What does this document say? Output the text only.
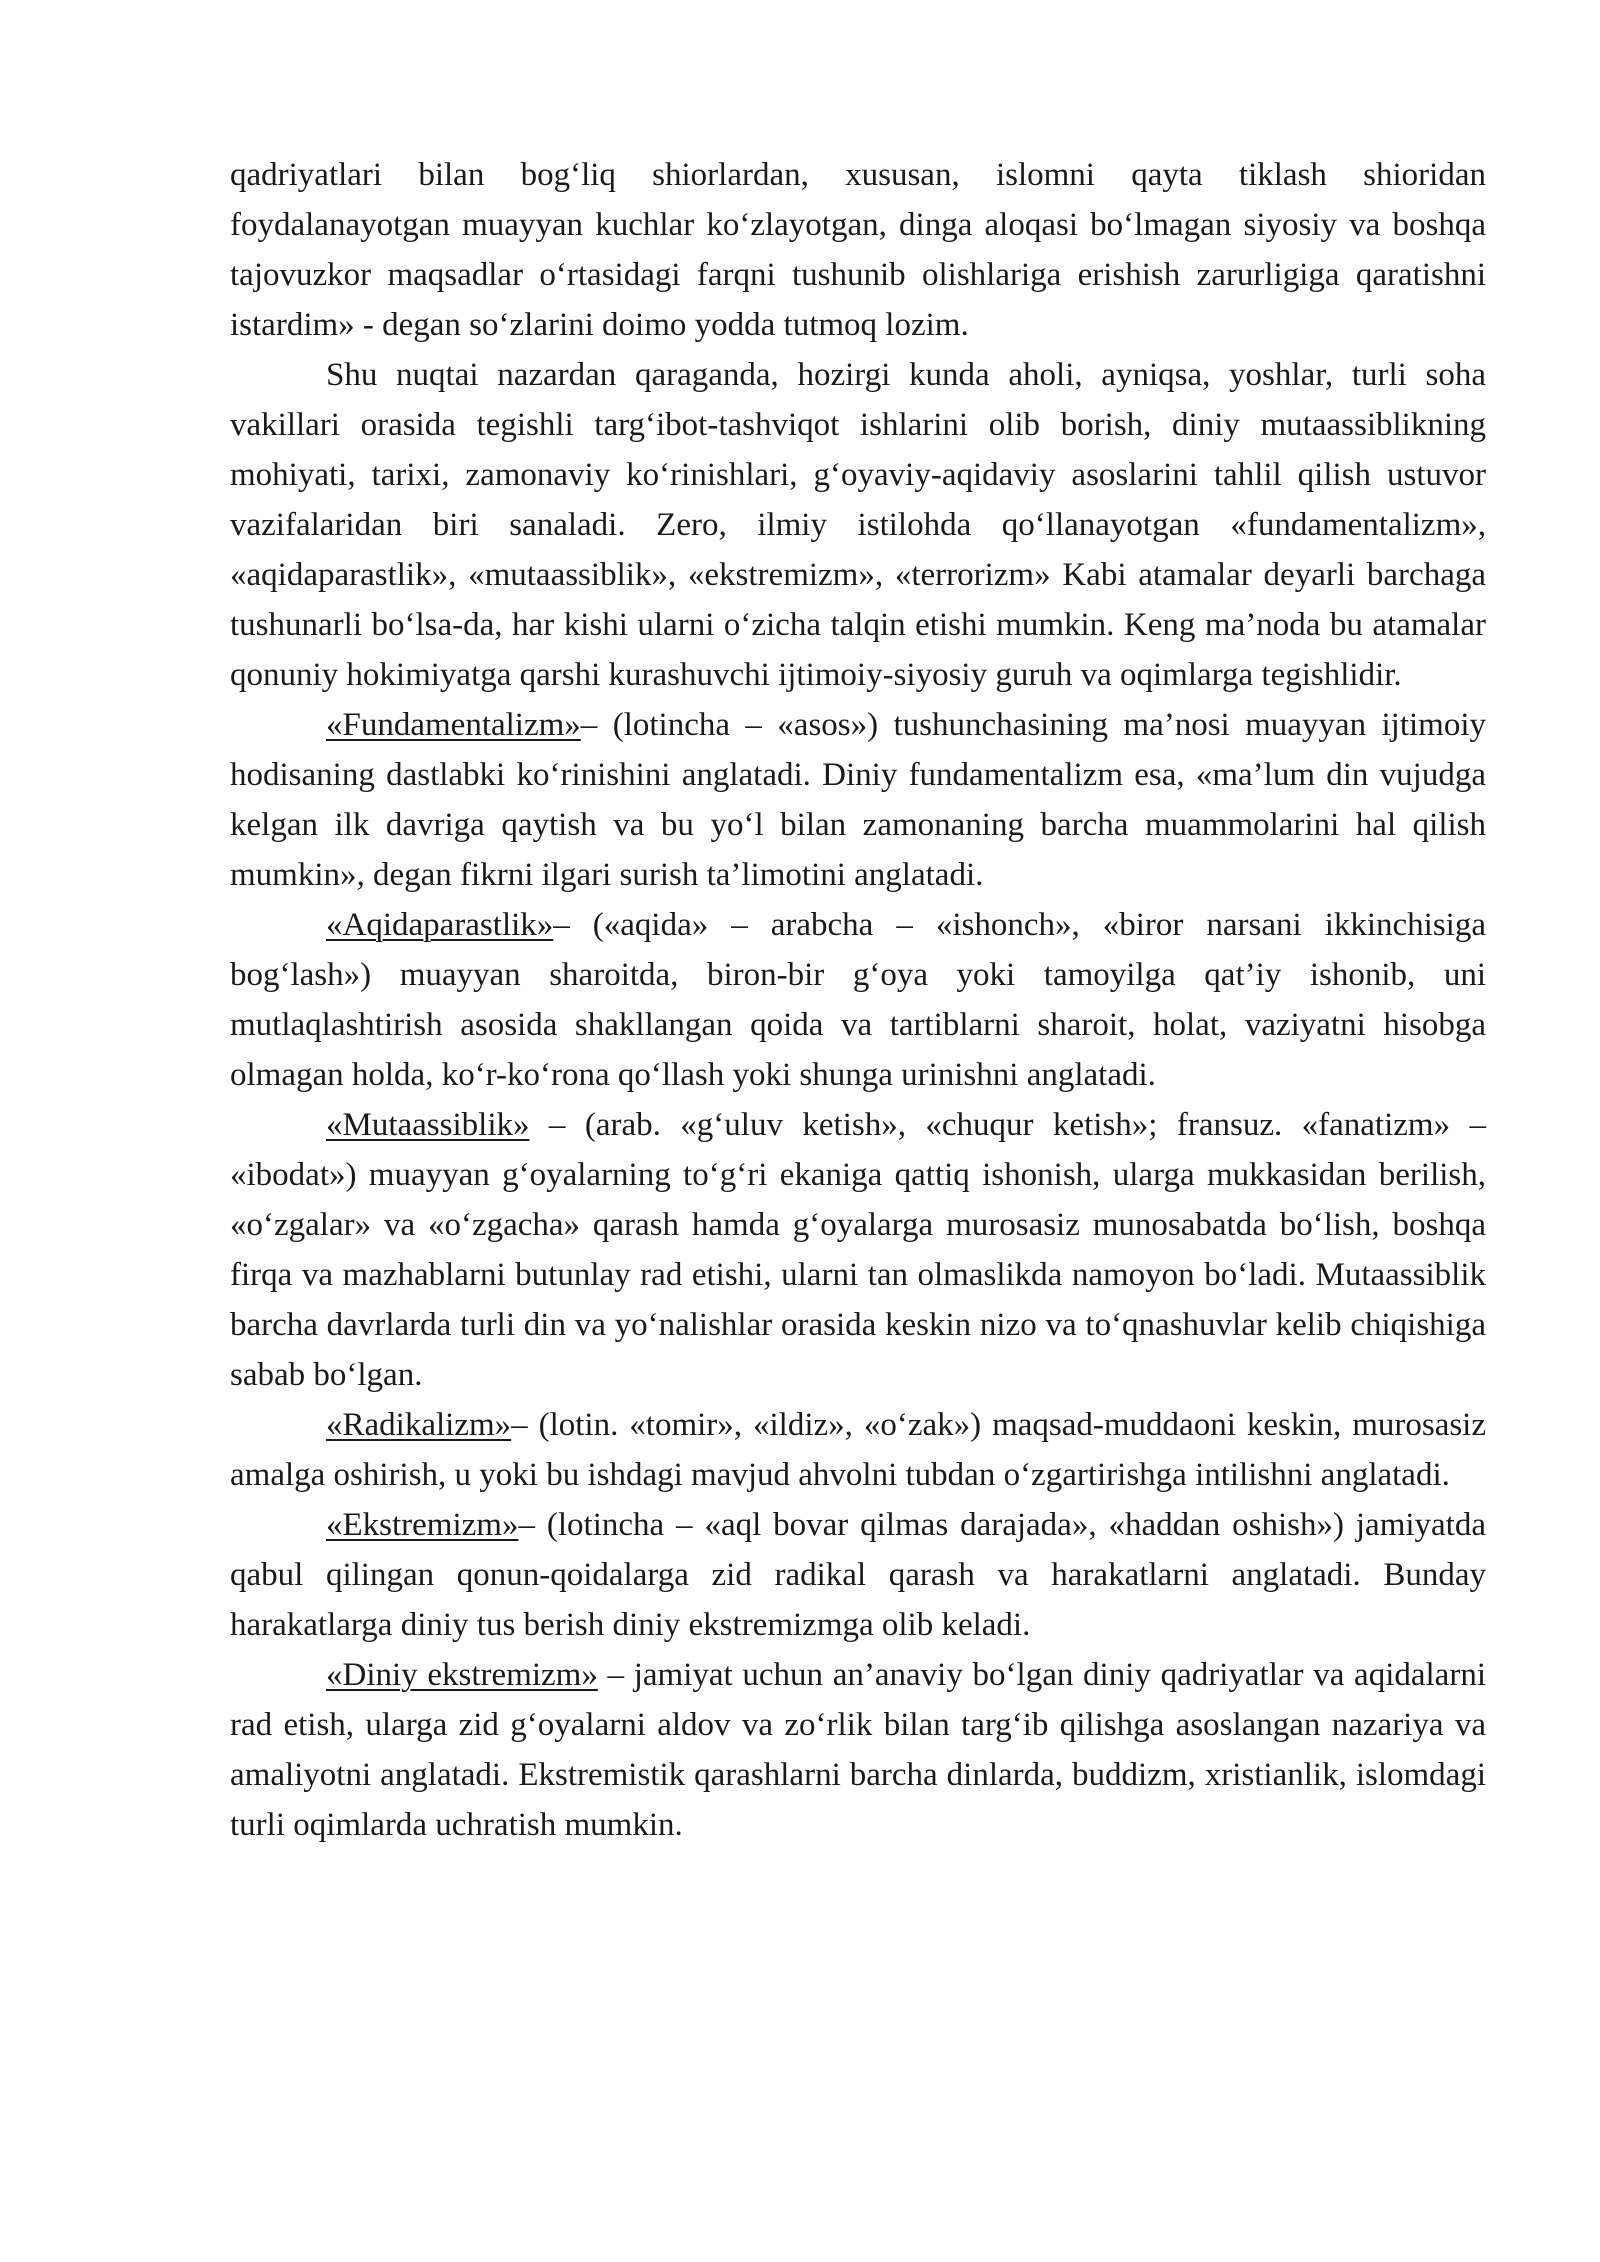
qadriyatlari bilan bog‘liq shiorlardan, xususan, islomni qayta tiklash shioridan foydalanayotgan muayyan kuchlar ko‘zlayotgan, dinga aloqasi bo‘lmagan siyosiy va boshqa tajovuzkor maqsadlar o‘rtasidagi farqni tushunib olishlariga erishish zarurligiga qaratishni istardim» - degan so‘zlarini doimo yodda tutmoq lozim.

Shu nuqtai nazardan qaraganda, hozirgi kunda aholi, ayniqsa, yoshlar, turli soha vakillari orasida tegishli targ‘ibot-tashviqot ishlarini olib borish, diniy mutaassiblikning mohiyati, tarixi, zamonaviy ko‘rinishlari, g‘oyaviy-aqidaviy asoslarini tahlil qilish ustuvor vazifalaridan biri sanaladi. Zero, ilmiy istilohda qo‘llanayotgan «fundamentalizm», «aqidaparastlik», «mutaassiblik», «ekstremizm», «terrorizm» Kabi atamalar deyarli barchaga tushunarli bo‘lsa-da, har kishi ularni o‘zicha talqin etishi mumkin. Keng ma’noda bu atamalar qonuniy hokimiyatga qarshi kurashuvchi ijtimoiy-siyosiy guruh va oqimlarga tegishlidir.

«Fundamentalizm»– (lotincha – «asos») tushunchasining ma’nosi muayyan ijtimoiy hodisaning dastlabki ko‘rinishini anglatadi. Diniy fundamentalizm esa, «ma’lum din vujudga kelgan ilk davriga qaytish va bu yo‘l bilan zamonaning barcha muammolarini hal qilish mumkin», degan fikrni ilgari surish ta’limotini anglatadi.

«Aqidaparastlik»– («aqida» – arabcha – «ishonch», «biror narsani ikkinchisiga bog‘lash») muayyan sharoitda, biron-bir g‘oya yoki tamoyilga qat’iy ishonib, uni mutlaqlashtirish asosida shakllangan qoida va tartiblarni sharoit, holat, vaziyatni hisobga olmagan holda, ko‘r-ko‘rona qo‘llash yoki shunga urinishni anglatadi.

«Mutaassiblik» – (arab. «g‘uluv ketish», «chuqur ketish»; fransuz. «fanatizm» – «ibodat») muayyan g‘oyalarning to‘g‘ri ekaniga qattiq ishonish, ularga mukkasidan berilish, «o‘zgalar» va «o‘zgacha» qarash hamda g‘oyalarga murosasiz munosabatda bo‘lish, boshqa firqa va mazhablarni butunlay rad etishi, ularni tan olmaslikda namoyon bo‘ladi. Mutaassiblik barcha davrlarda turli din va yo‘nalishlar orasida keskin nizo va to‘qnashuvlar kelib chiqishiga sabab bo‘lgan.

«Radikalizm»– (lotin. «tomir», «ildiz», «o‘zak») maqsad-muddaoni keskin, murosasiz amalga oshirish, u yoki bu ishdagi mavjud ahvolni tubdan o‘zgartirishga intilishni anglatadi.

«Ekstremizm»– (lotincha – «aql bovar qilmas darajada», «haddan oshish») jamiyatda qabul qilingan qonun-qoidalarga zid radikal qarash va harakatlarni anglatadi. Bunday harakatlarga diniy tus berish diniy ekstremizmga olib keladi.

«Diniy ekstremizm» – jamiyat uchun an’anaviy bo‘lgan diniy qadriyatlar va aqidalarni rad etish, ularga zid g‘oyalarni aldov va zo‘rlik bilan targ‘ib qilishga asoslangan nazariya va amaliyotni anglatadi. Ekstremistik qarashlarni barcha dinlarda, buddizm, xristianlik, islomdagi turli oqimlarda uchratish mumkin.
